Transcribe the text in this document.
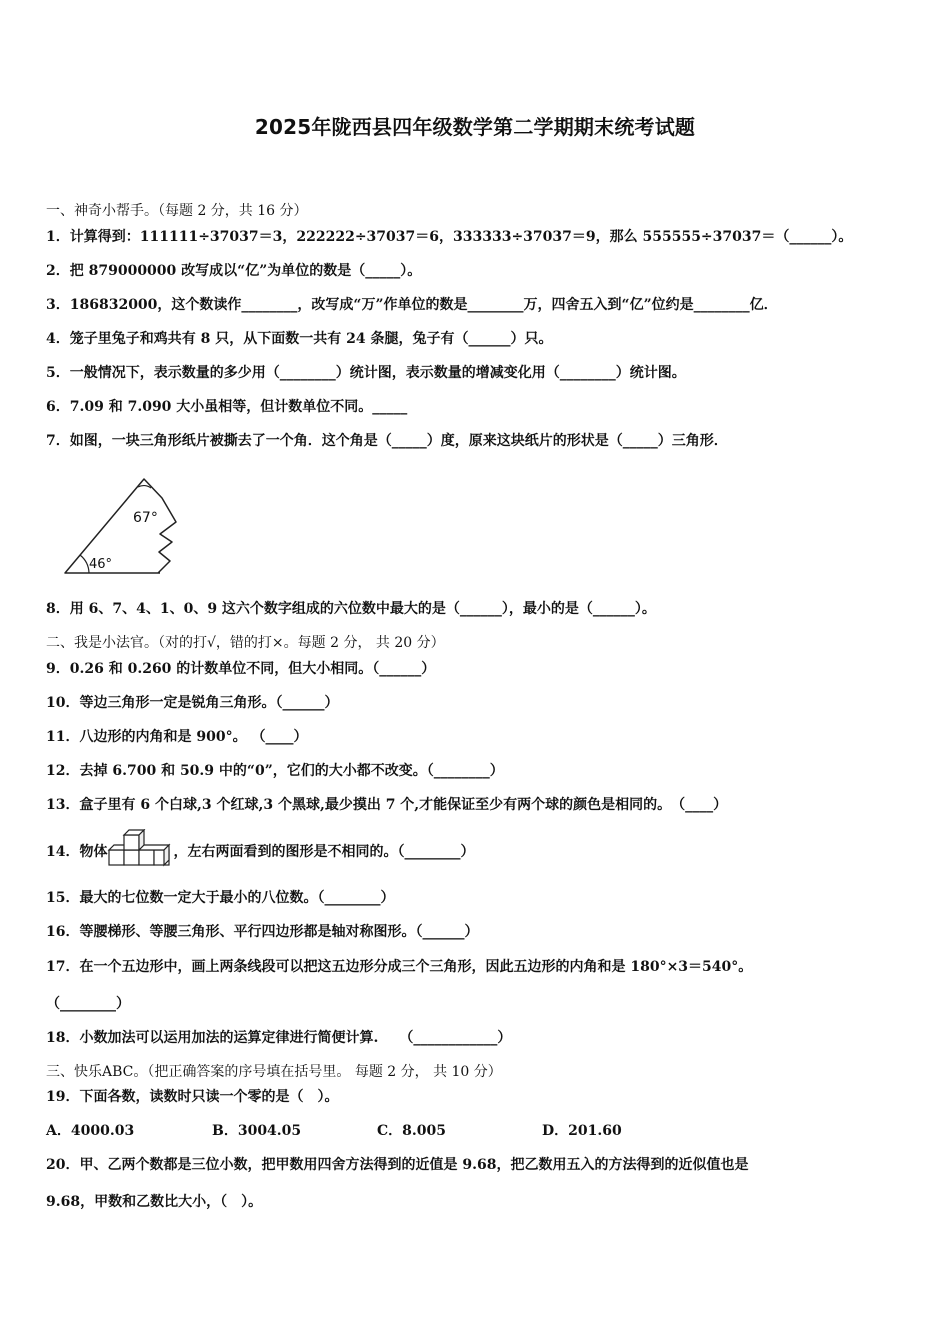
2025年陇西县四年级数学第二学期期末统考试题
一、神奇小帮手。（每题 2 分，共 16 分）
1．计算得到：111111÷37037＝3，222222÷37037＝6，333333÷37037＝9，那么 555555÷37037＝（______）。
2．把 879000000 改写成以“亿”为单位的数是（_____）。
3．186832000，这个数读作________，改写成“万”作单位的数是________万，四舍五入到“亿”位约是________亿．
4．笼子里兔子和鸡共有 8 只，从下面数一共有 24 条腿，兔子有（______）只。
5．一般情况下，表示数量的多少用（________）统计图，表示数量的增减变化用（________）统计图。
6．7.09 和 7.090 大小虽相等，但计数单位不同。_____
7．如图，一块三角形纸片被撕去了一个角．这个角是（_____）度，原来这块纸片的形状是（_____）三角形．
67°
46°
8．用 6、7、4、1、0、9 这六个数字组成的六位数中最大的是（______），最小的是（______）。
二、我是小法官。（对的打√，错的打×。每题 2 分， 共 20 分）
9．0.26 和 0.260 的计数单位不同，但大小相同。（______）
10．等边三角形一定是锐角三角形。（______）
11．八边形的内角和是 900°。 （____）
12．去掉 6.700 和 50.9 中的“0”，它们的大小都不改变。（________）
13．盒子里有 6 个白球,3 个红球,3 个黑球,最少摸出 7 个,才能保证至少有两个球的颜色是相同的。　（____）
14．物体	，左右两面看到的图形是不相同的。（________）
15．最大的七位数一定大于最小的八位数。（________）
16．等腰梯形、等腰三角形、平行四边形都是轴对称图形。（______）
17．在一个五边形中，画上两条线段可以把这五边形分成三个三角形，因此五边形的内角和是 180°×3＝540°。
（________）
18．小数加法可以运用加法的运算定律进行简便计算.　　（____________）
三、快乐ABC。（把正确答案的序号填在括号里。 每题 2 分， 共 10 分）
19．下面各数，读数时只读一个零的是（　）。
A．4000.03	B．3004.05	C．8.005	D．201.60
20．甲、乙两个数都是三位小数，把甲数用四舍方法得到的近值是 9.68，把乙数用五入的方法得到的近似值也是
9.68，甲数和乙数比大小，（　）。
